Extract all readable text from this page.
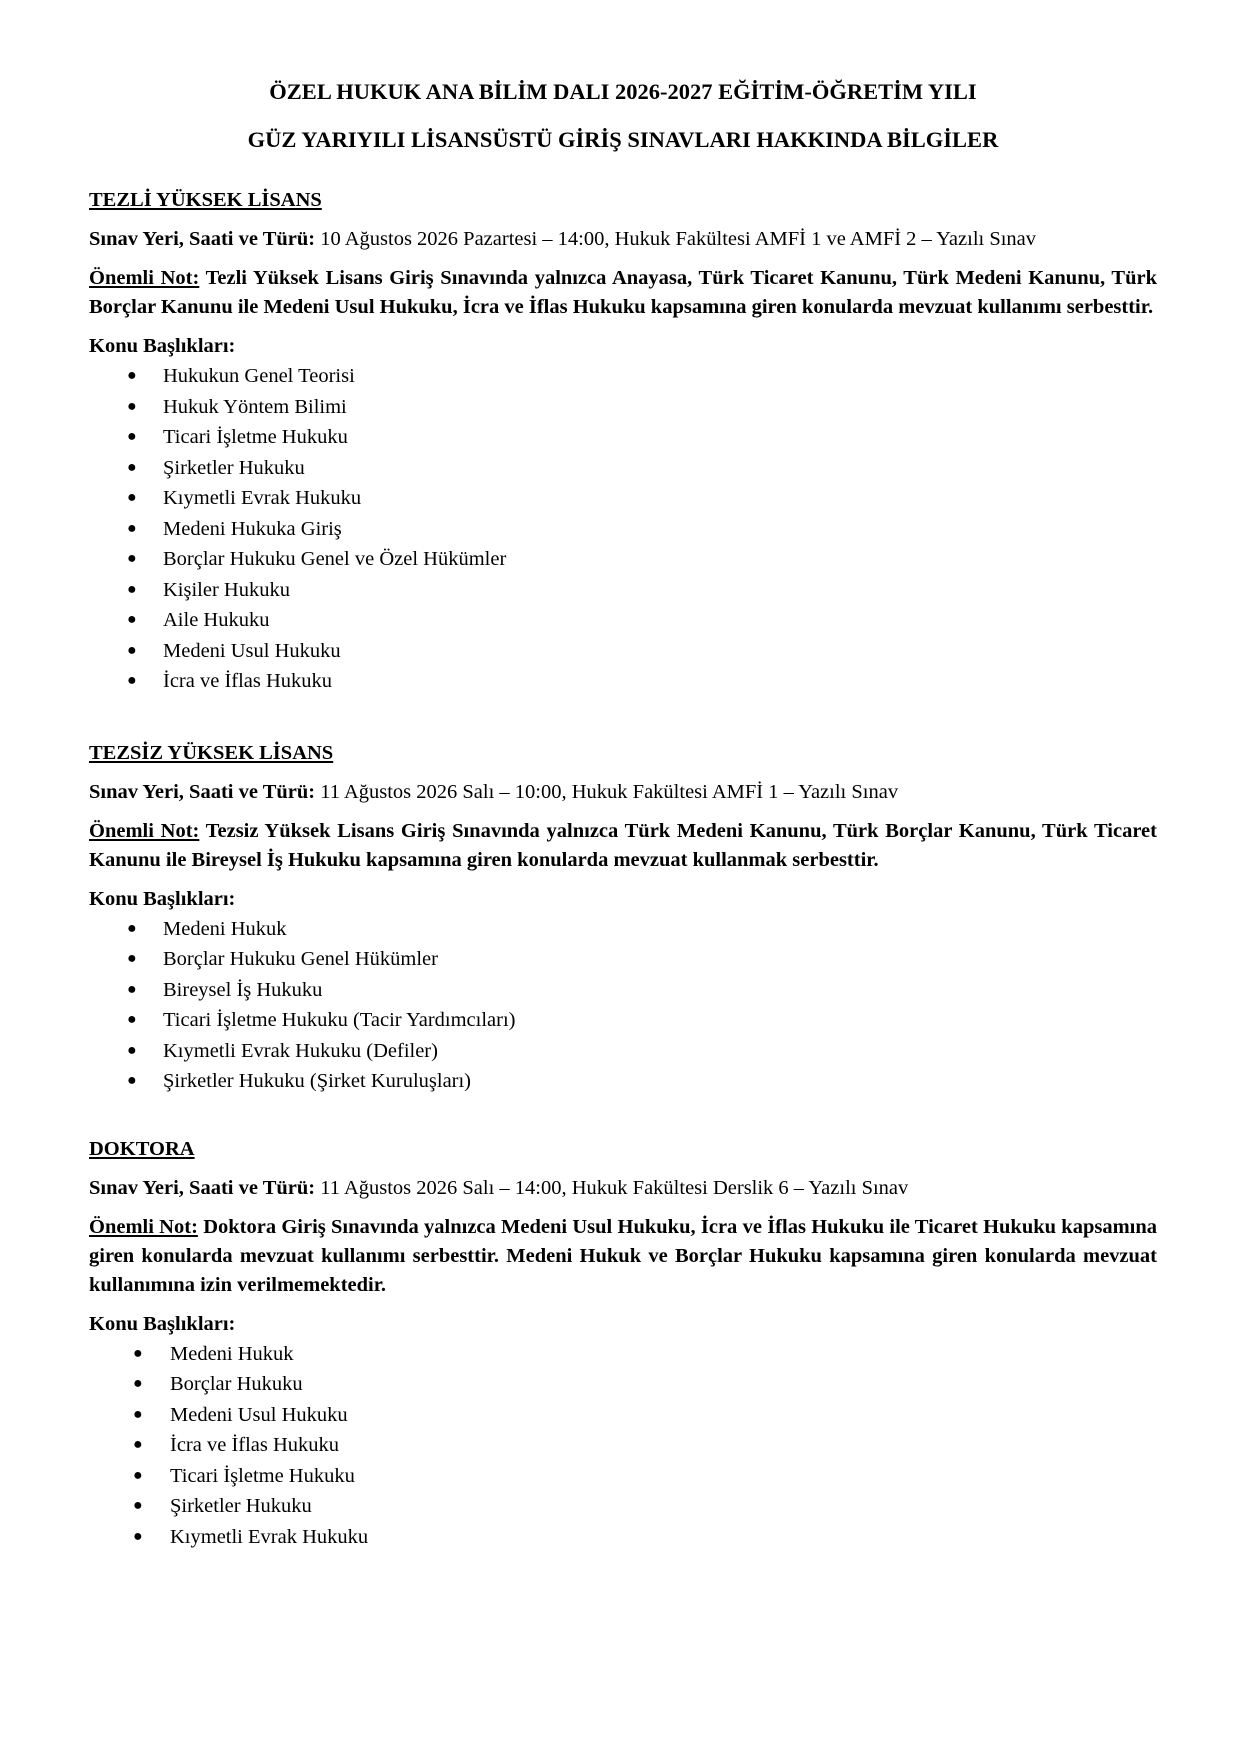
ÖZEL HUKUK ANA BİLİM DALI 2026-2027 EĞİTİM-ÖĞRETİM YILI
GÜZ YARIYILI LİSANSÜSTÜ GİRİŞ SINAVLARI HAKKINDA BİLGİLER
TEZLİ YÜKSEK LİSANS
Sınav Yeri, Saati ve Türü: 10 Ağustos 2026 Pazartesi – 14:00, Hukuk Fakültesi AMFİ 1 ve AMFİ 2 – Yazılı Sınav
Önemli Not: Tezli Yüksek Lisans Giriş Sınavında yalnızca Anayasa, Türk Ticaret Kanunu, Türk Medeni Kanunu, Türk Borçlar Kanunu ile Medeni Usul Hukuku, İcra ve İflas Hukuku kapsamına giren konularda mevzuat kullanımı serbesttir.
Konu Başlıkları:
● Hukukun Genel Teorisi
● Hukuk Yöntem Bilimi
● Ticari İşletme Hukuku
● Şirketler Hukuku
● Kıymetli Evrak Hukuku
● Medeni Hukuka Giriş
● Borçlar Hukuku Genel ve Özel Hükümler
● Kişiler Hukuku
● Aile Hukuku
● Medeni Usul Hukuku
● İcra ve İflas Hukuku
TEZSİZ YÜKSEK LİSANS
Sınav Yeri, Saati ve Türü: 11 Ağustos 2026 Salı – 10:00, Hukuk Fakültesi AMFİ 1 – Yazılı Sınav
Önemli Not: Tezsiz Yüksek Lisans Giriş Sınavında yalnızca Türk Medeni Kanunu, Türk Borçlar Kanunu, Türk Ticaret Kanunu ile Bireysel İş Hukuku kapsamına giren konularda mevzuat kullanmak serbesttir.
Konu Başlıkları:
● Medeni Hukuk
● Borçlar Hukuku Genel Hükümler
● Bireysel İş Hukuku
● Ticari İşletme Hukuku (Tacir Yardımcıları)
● Kıymetli Evrak Hukuku (Defiler)
● Şirketler Hukuku (Şirket Kuruluşları)
DOKTORA
Sınav Yeri, Saati ve Türü: 11 Ağustos 2026 Salı – 14:00, Hukuk Fakültesi Derslik 6 – Yazılı Sınav
Önemli Not: Doktora Giriş Sınavında yalnızca Medeni Usul Hukuku, İcra ve İflas Hukuku ile Ticaret Hukuku kapsamına giren konularda mevzuat kullanımı serbesttir. Medeni Hukuk ve Borçlar Hukuku kapsamına giren konularda mevzuat kullanımına izin verilmemektedir.
Konu Başlıkları:
● Medeni Hukuk
● Borçlar Hukuku
● Medeni Usul Hukuku
● İcra ve İflas Hukuku
● Ticari İşletme Hukuku
● Şirketler Hukuku
● Kıymetli Evrak Hukuku
